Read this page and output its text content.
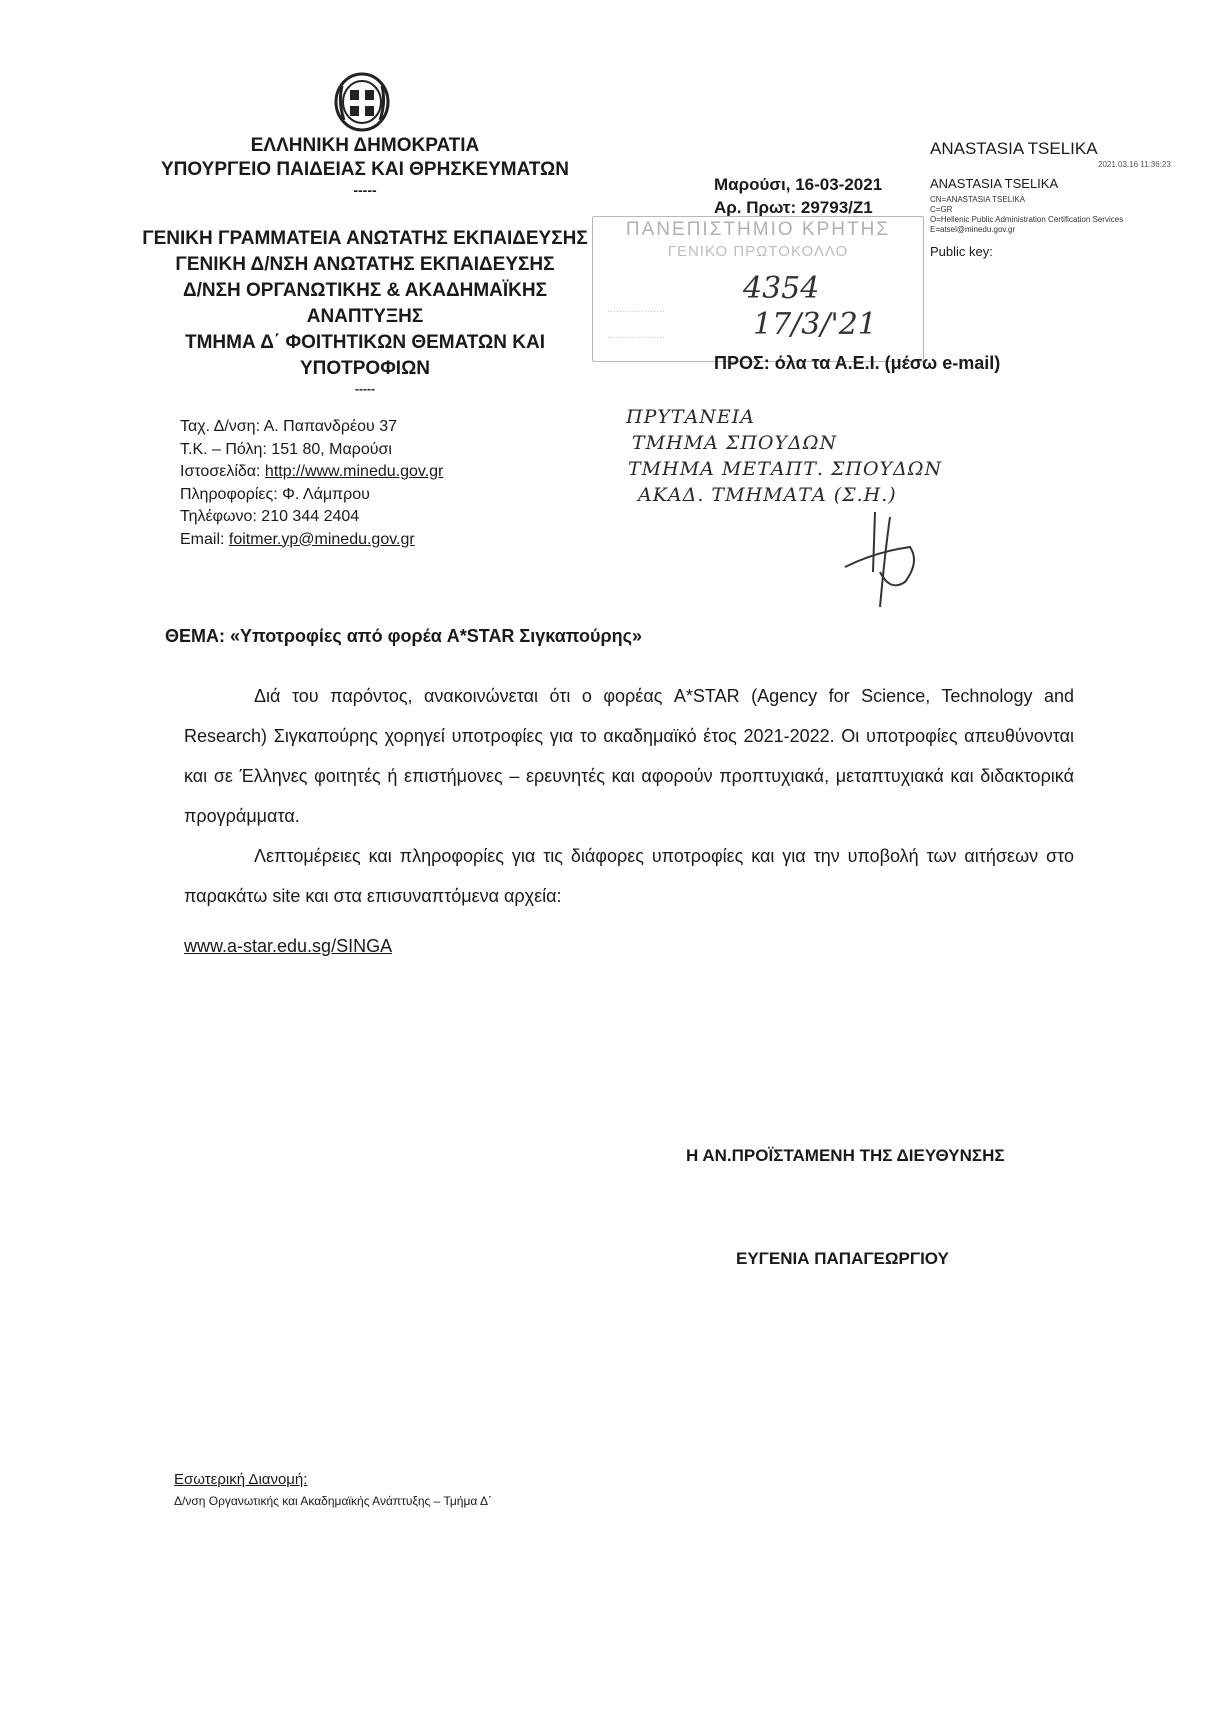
ΕΛΛΗΝΙΚΗ ΔΗΜΟΚΡΑΤΙΑ
ΥΠΟΥΡΓΕΙΟ ΠΑΙΔΕΙΑΣ ΚΑΙ ΘΡΗΣΚΕΥΜΑΤΩΝ
-----
ΓΕΝΙΚΗ ΓΡΑΜΜΑΤΕΙΑ ΑΝΩΤΑΤΗΣ ΕΚΠΑΙΔΕΥΣΗΣ
ΓΕΝΙΚΗ Δ/ΝΣΗ ΑΝΩΤΑΤΗΣ ΕΚΠΑΙΔΕΥΣΗΣ
Δ/ΝΣΗ ΟΡΓΑΝΩΤΙΚΗΣ & ΑΚΑΔΗΜΑΪΚΗΣ
ΑΝΑΠΤΥΞΗΣ
ΤΜΗΜΑ Δ΄ ΦΟΙΤΗΤΙΚΩΝ ΘΕΜΑΤΩΝ ΚΑΙ
ΥΠΟΤΡΟΦΙΩΝ
-----
Ταχ. Δ/νση: Α. Παπανδρέου 37
Τ.Κ. – Πόλη: 151 80, Μαρούσι
Ιστοσελίδα: http://www.minedu.gov.gr
Πληροφορίες: Φ. Λάμπρου
Τηλέφωνο: 210 344 2404
Email: foitmer.yp@minedu.gov.gr
ANASTASIA TSELIKA
2021.03.16 11:36:23
ANASTASIA TSELIKA
CN=ANASTASIA TSELIKA
C=GR
O=Hellenic Public Administration Certification Services
E=atsel@minedu.gov.gr
Public key:
Μαρούσι, 16-03-2021
Αρ. Πρωτ: 29793/Ζ1
ΠΑΝΕΠΙΣΤΗΜΙΟ ΚΡΗΤΗΣ
ΓΕΝΙΚΟ ΠΡΩΤΟΚΟΛΛΟ
...................
...................
4354
17/3/'21
ΠΡΟΣ: όλα τα Α.Ε.Ι. (μέσω e-mail)
ΠΡΥΤΑΝΕΙΑ
ΤΜΗΜΑ ΣΠΟΥΔΩΝ
ΤΜΗΜΑ ΜΕΤΑΠΤ. ΣΠΟΥΔΩΝ
ΑΚΑΔ. ΤΜΗΜΑΤΑ (Σ.Η.)
ΘΕΜΑ: «Υποτροφίες από φορέα A*STAR Σιγκαπούρης»

Διά του παρόντος, ανακοινώνεται ότι ο φορέας A*STAR (Agency for Science, Technology and Research) Σιγκαπούρης χορηγεί υποτροφίες για το ακαδημαϊκό έτος 2021-2022. Οι υποτροφίες απευθύνονται και σε Έλληνες φοιτητές ή επιστήμονες – ερευνητές και αφορούν προπτυχιακά, μεταπτυχιακά και διδακτορικά προγράμματα.

Λεπτομέρειες και πληροφορίες για τις διάφορες υποτροφίες και για την υποβολή των αιτήσεων στο παρακάτω site και στα επισυναπτόμενα αρχεία:

www.a-star.edu.sg/SINGA
Η ΑΝ.ΠΡΟΪΣΤΑΜΕΝΗ ΤΗΣ ΔΙΕΥΘΥΝΣΗΣ
ΕΥΓΕΝΙΑ ΠΑΠΑΓΕΩΡΓΙΟΥ
Εσωτερική Διανομή:
Δ/νση Οργανωτικής και Ακαδημαϊκής Ανάπτυξης – Τμήμα Δ΄
